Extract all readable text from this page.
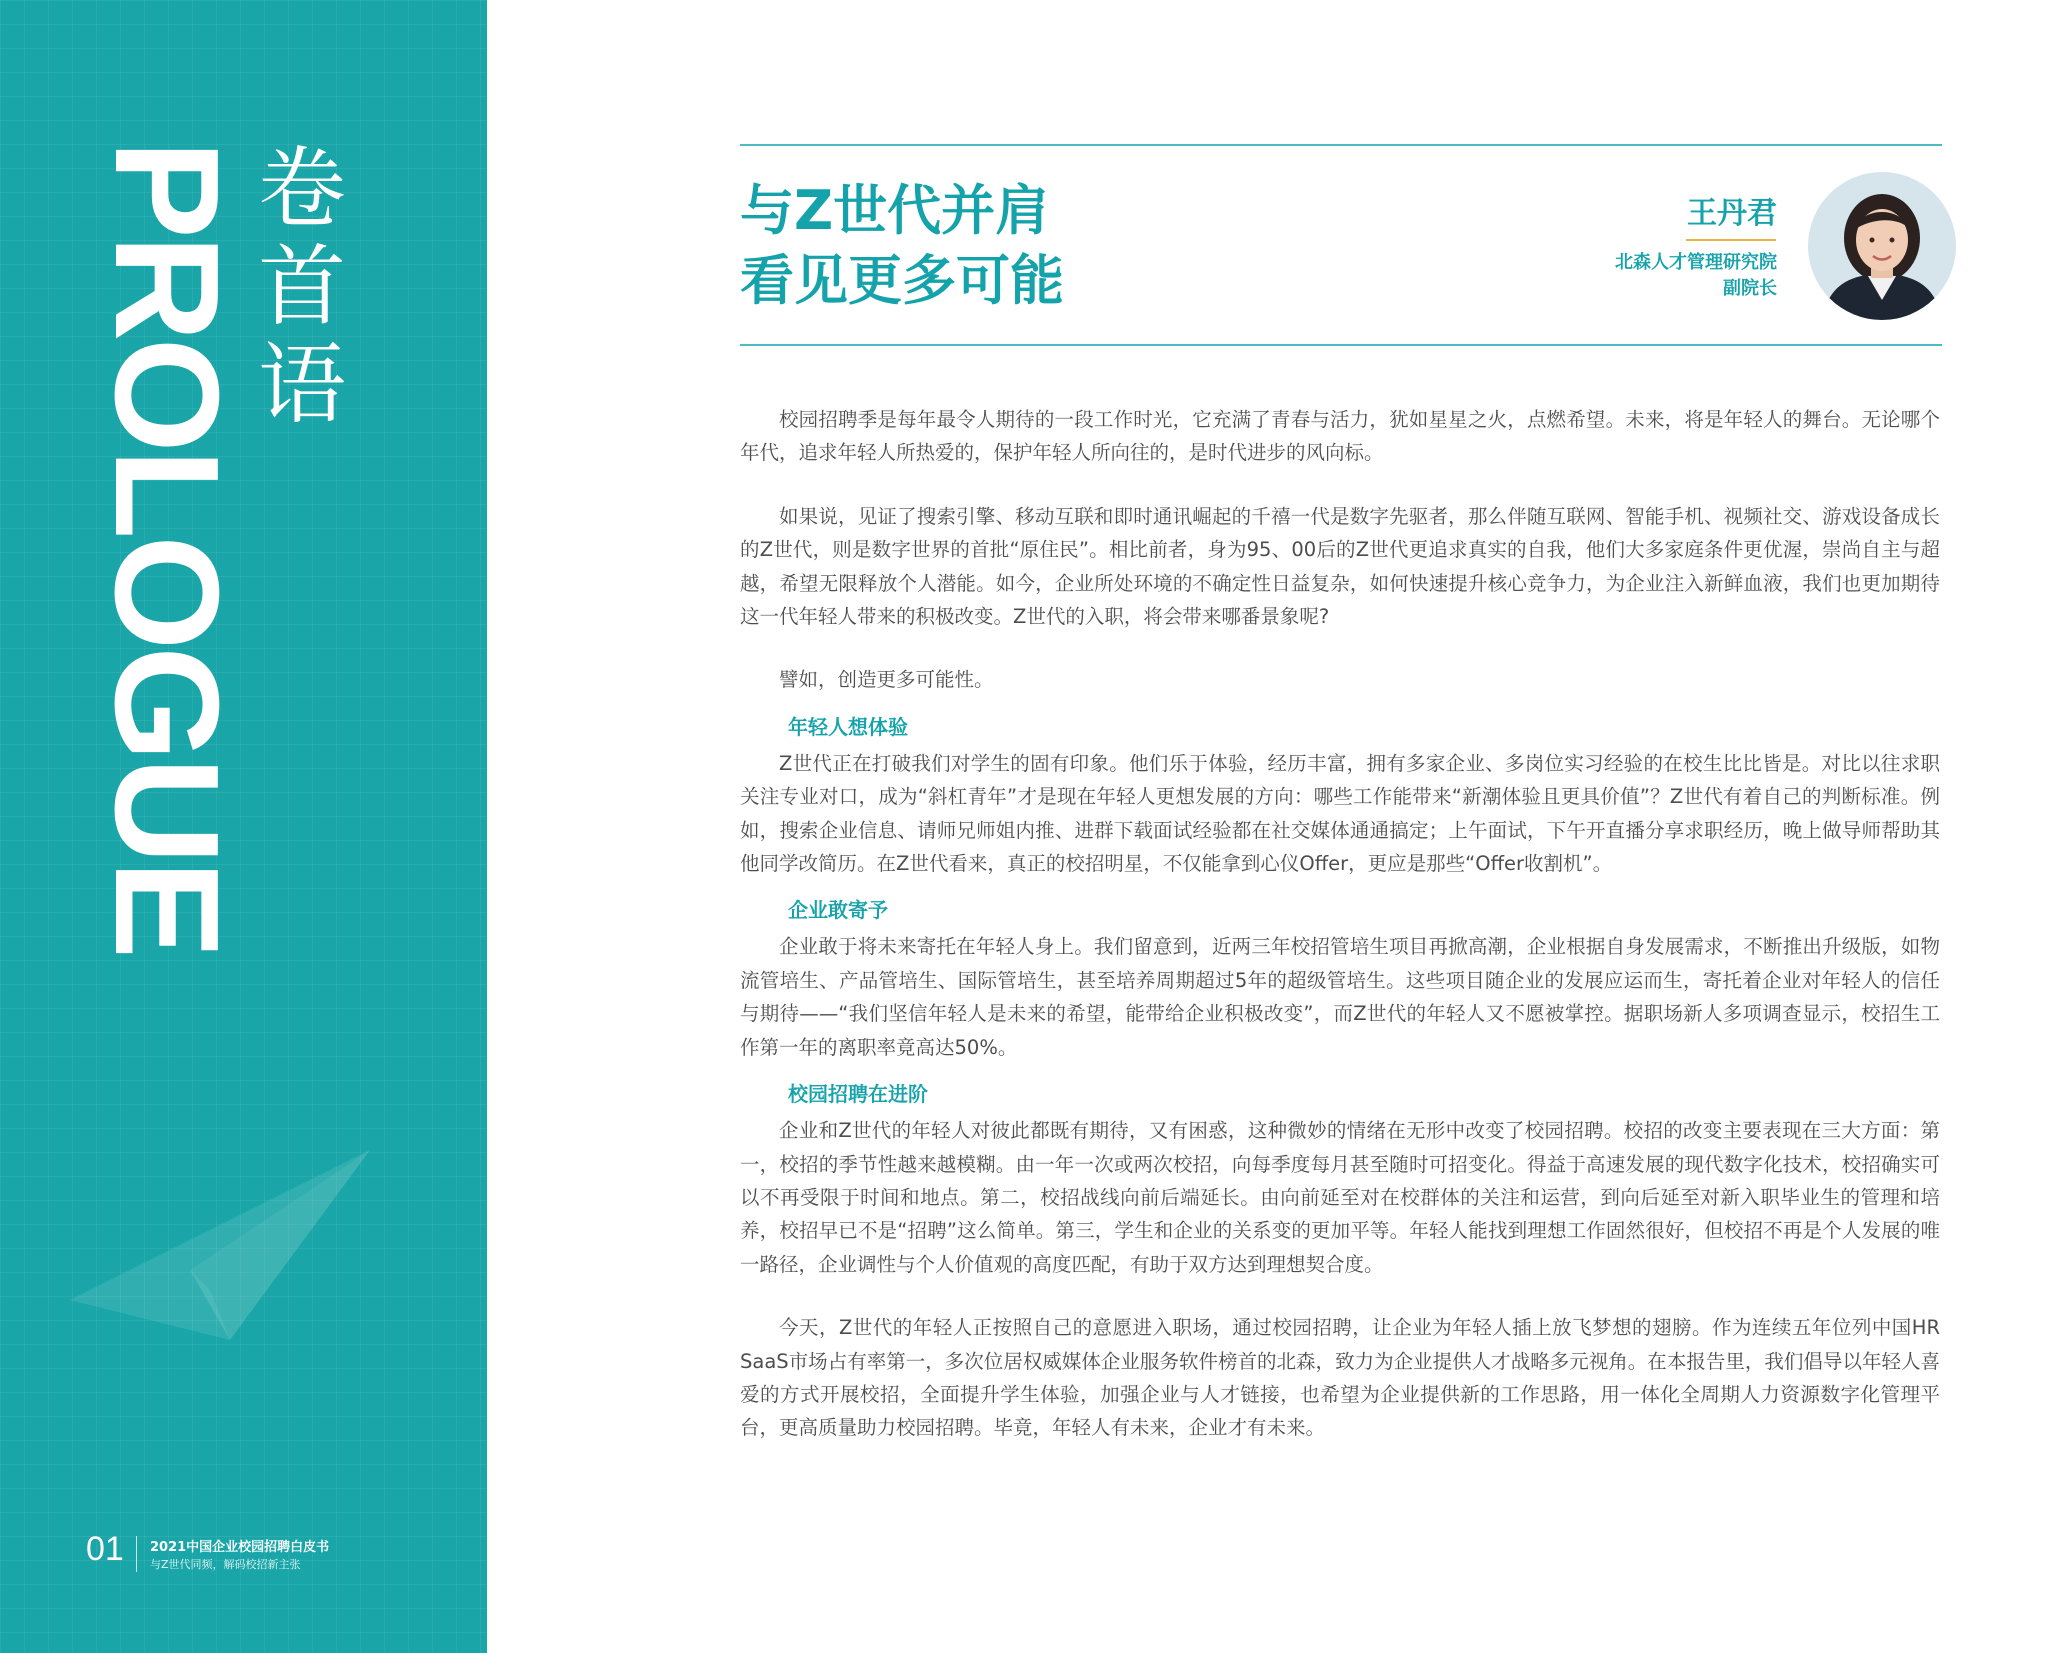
PROLOGUE 卷
首
语
01 2021中国企业校园招聘白皮书
与Z世代同频，解码校招新主张
与Z世代并肩
看见更多可能
王丹君
北森人才管理研究院
副院长

校园招聘季是每年最令人期待的一段工作时光，它充满了青春与活力，犹如星星之火，点燃希望。未来，将是年轻人的舞台。无论哪个年代，追求年轻人所热爱的，保护年轻人所向往的，是时代进步的风向标。

如果说，见证了搜索引擎、移动互联和即时通讯崛起的千禧一代是数字先驱者，那么伴随互联网、智能手机、视频社交、游戏设备成长的Z世代，则是数字世界的首批“原住民”。相比前者，身为95、00后的Z世代更追求真实的自我，他们大多家庭条件更优渥，崇尚自主与超越，希望无限释放个人潜能。如今，企业所处环境的不确定性日益复杂，如何快速提升核心竞争力，为企业注入新鲜血液，我们也更加期待这一代年轻人带来的积极改变。Z世代的入职，将会带来哪番景象呢?

譬如，创造更多可能性。

年轻人想体验

Z世代正在打破我们对学生的固有印象。他们乐于体验，经历丰富，拥有多家企业、多岗位实习经验的在校生比比皆是。对比以往求职关注专业对口，成为“斜杠青年”才是现在年轻人更想发展的方向：哪些工作能带来“新潮体验且更具价值”？Z世代有着自己的判断标准。例如，搜索企业信息、请师兄师姐内推、进群下载面试经验都在社交媒体通通搞定；上午面试，下午开直播分享求职经历，晚上做导师帮助其他同学改简历。在Z世代看来，真正的校招明星，不仅能拿到心仪Offer，更应是那些“Offer收割机”。

企业敢寄予

企业敢于将未来寄托在年轻人身上。我们留意到，近两三年校招管培生项目再掀高潮，企业根据自身发展需求，不断推出升级版，如物流管培生、产品管培生、国际管培生，甚至培养周期超过5年的超级管培生。这些项目随企业的发展应运而生，寄托着企业对年轻人的信任与期待——“我们坚信年轻人是未来的希望，能带给企业积极改变”，而Z世代的年轻人又不愿被掌控。据职场新人多项调查显示，校招生工作第一年的离职率竟高达50%。

校园招聘在进阶

企业和Z世代的年轻人对彼此都既有期待，又有困惑，这种微妙的情绪在无形中改变了校园招聘。校招的改变主要表现在三大方面：第一，校招的季节性越来越模糊。由一年一次或两次校招，向每季度每月甚至随时可招变化。得益于高速发展的现代数字化技术，校招确实可以不再受限于时间和地点。第二，校招战线向前后端延长。由向前延至对在校群体的关注和运营，到向后延至对新入职毕业生的管理和培养，校招早已不是“招聘”这么简单。第三，学生和企业的关系变的更加平等。年轻人能找到理想工作固然很好，但校招不再是个人发展的唯一路径，企业调性与个人价值观的高度匹配，有助于双方达到理想契合度。

今天，Z世代的年轻人正按照自己的意愿进入职场，通过校园招聘，让企业为年轻人插上放飞梦想的翅膀。作为连续五年位列中国HR SaaS市场占有率第一，多次位居权威媒体企业服务软件榜首的北森，致力为企业提供人才战略多元视角。在本报告里，我们倡导以年轻人喜爱的方式开展校招，全面提升学生体验，加强企业与人才链接，也希望为企业提供新的工作思路，用一体化全周期人力资源数字化管理平台，更高质量助力校园招聘。毕竟，年轻人有未来，企业才有未来。
